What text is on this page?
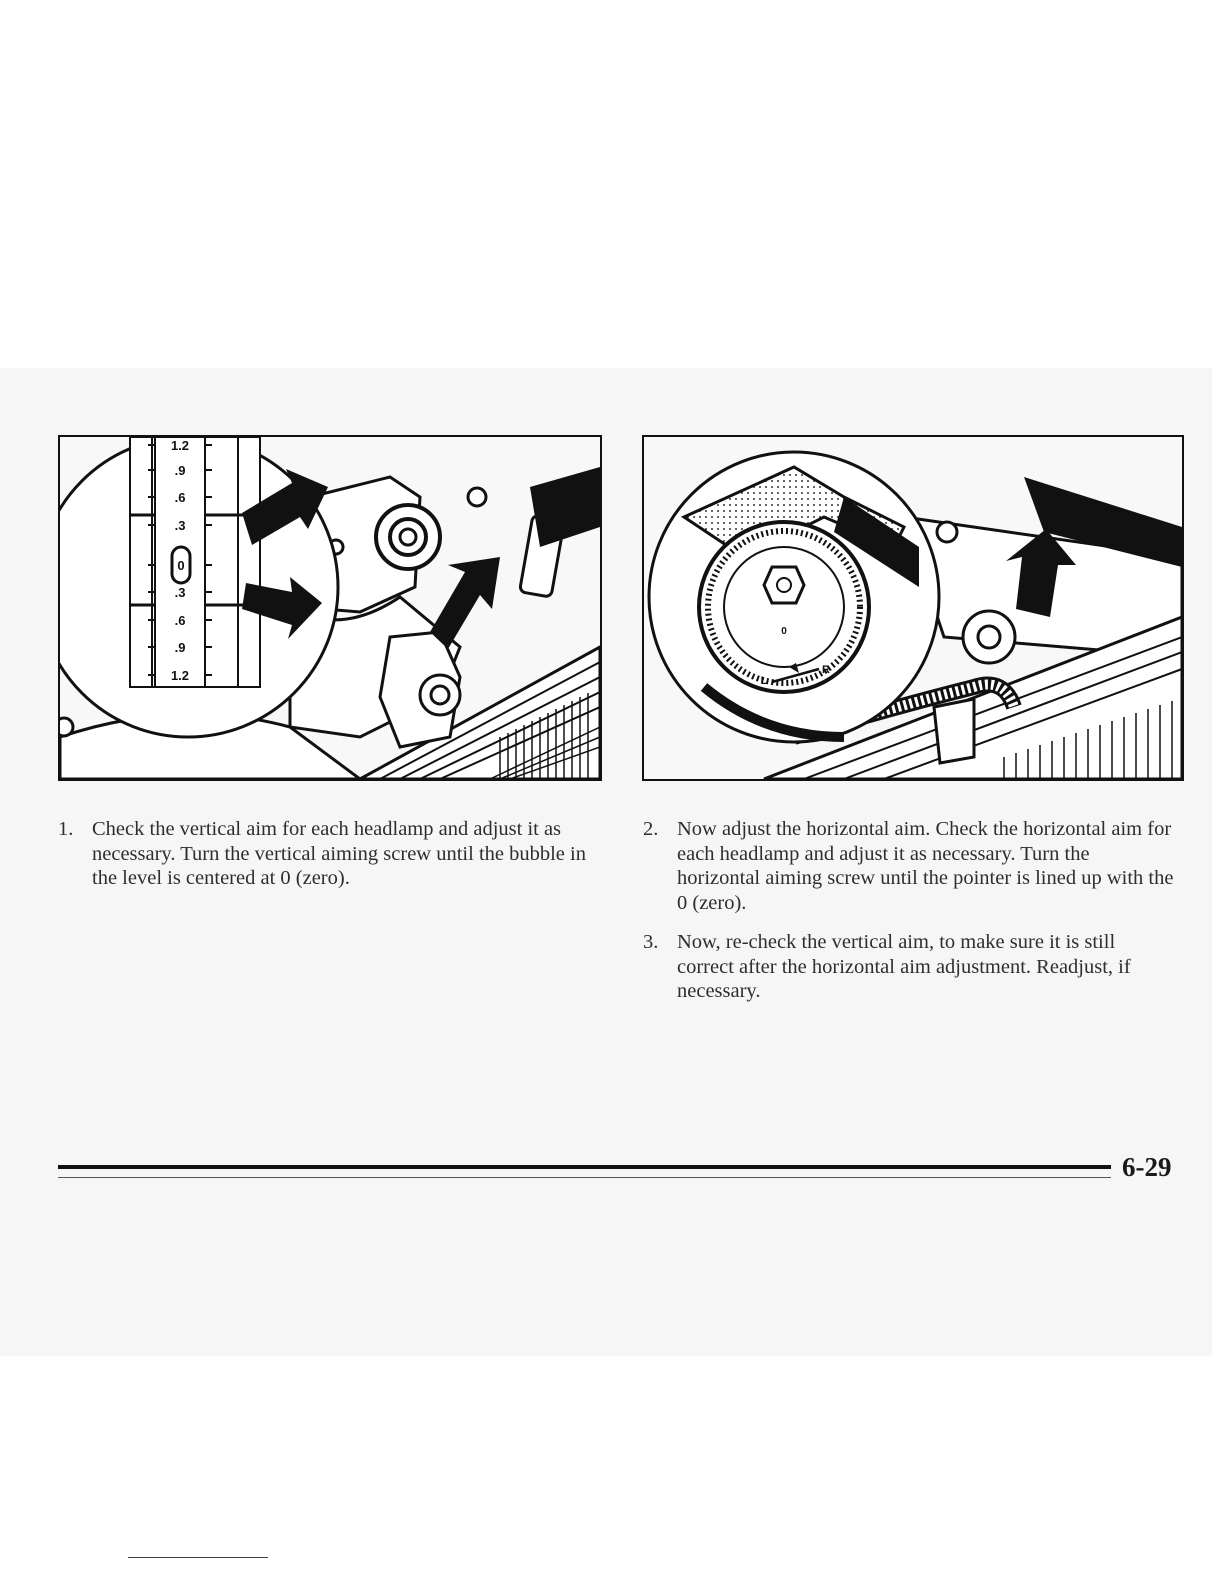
1.2
.9
.6
.3
.3
.6
.9
1.2
0
0
L
R
1. Check the vertical aim for each headlamp and adjust it as necessary. Turn the vertical aiming screw until the bubble in the level is centered at 0 (zero).
2. Now adjust the horizontal aim. Check the horizontal aim for each headlamp and adjust it as necessary. Turn the horizontal aiming screw until the pointer is lined up with the 0 (zero).
3. Now, re-check the vertical aim, to make sure it is still correct after the horizontal aim adjustment. Readjust, if necessary.
6-29
